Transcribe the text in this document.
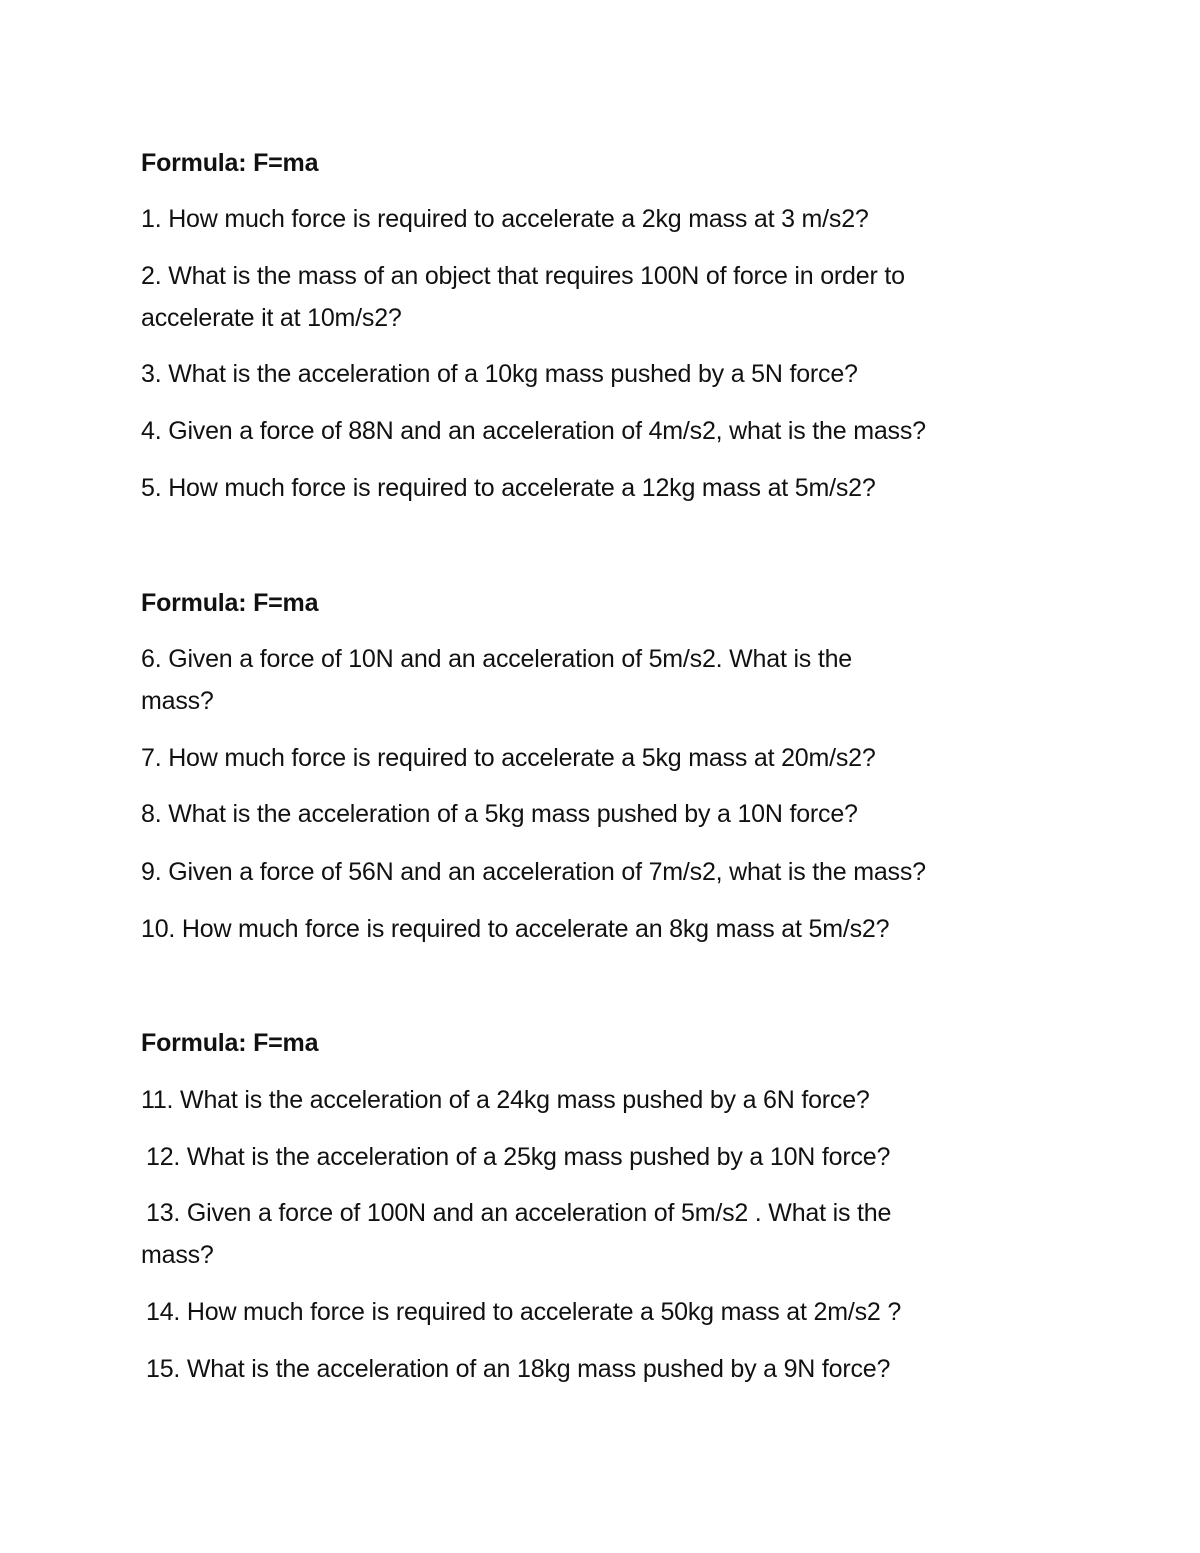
Formula: F=ma
1. How much force is required to accelerate a 2kg mass at 3 m/s2?
2. What is the mass of an object that requires 100N of force in order to
accelerate it at 10m/s2?
3. What is the acceleration of a 10kg mass pushed by a 5N force?
4. Given a force of 88N and an acceleration of 4m/s2, what is the mass?
5. How much force is required to accelerate a 12kg mass at 5m/s2?
Formula: F=ma
6. Given a force of 10N and an acceleration of 5m/s2. What is the
mass?
7. How much force is required to accelerate a 5kg mass at 20m/s2?
8. What is the acceleration of a 5kg mass pushed by a 10N force?
9. Given a force of 56N and an acceleration of 7m/s2, what is the mass?
10. How much force is required to accelerate an 8kg mass at 5m/s2?
Formula: F=ma
11. What is the acceleration of a 24kg mass pushed by a 6N force?
12. What is the acceleration of a 25kg mass pushed by a 10N force?
13. Given a force of 100N and an acceleration of 5m/s2 . What is the
mass?
14. How much force is required to accelerate a 50kg mass at 2m/s2 ?
15. What is the acceleration of an 18kg mass pushed by a 9N force?
